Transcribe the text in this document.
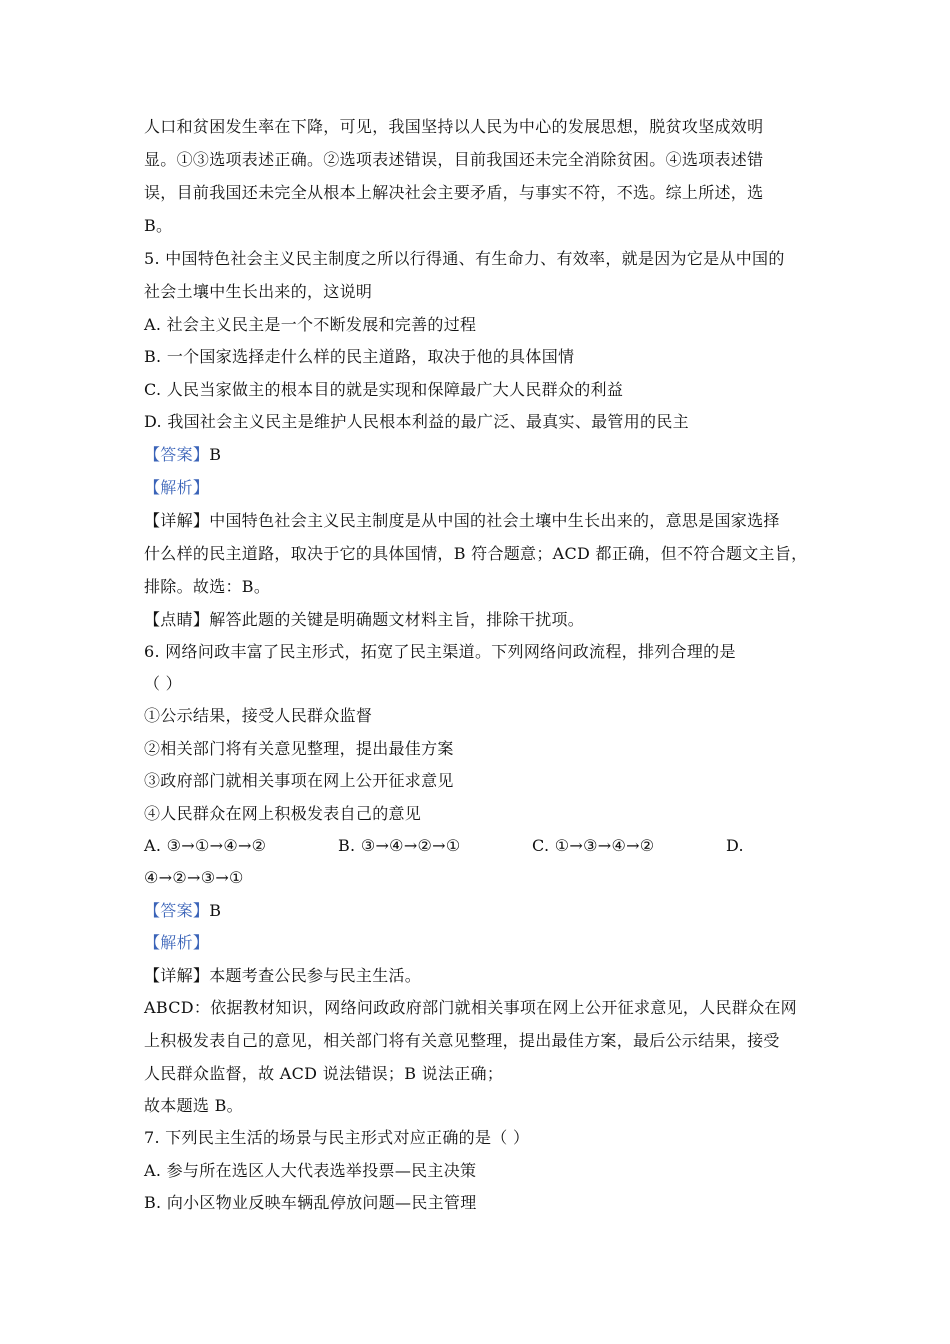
人口和贫困发生率在下降，可见，我国坚持以人民为中心的发展思想，脱贫攻坚成效明
显。①③选项表述正确。②选项表述错误，目前我国还未完全消除贫困。④选项表述错
误，目前我国还未完全从根本上解决社会主要矛盾，与事实不符，不选。综上所述，选
B。
5. 中国特色社会主义民主制度之所以行得通、有生命力、有效率，就是因为它是从中国的
社会土壤中生长出来的，这说明
A. 社会主义民主是一个不断发展和完善的过程
B. 一个国家选择走什么样的民主道路，取决于他的具体国情
C. 人民当家做主的根本目的就是实现和保障最广大人民群众的利益
D. 我国社会主义民主是维护人民根本利益的最广泛、最真实、最管用的民主
【答案】B
【解析】
【详解】中国特色社会主义民主制度是从中国的社会土壤中生长出来的，意思是国家选择
什么样的民主道路，取决于它的具体国情，B 符合题意；ACD 都正确，但不符合题文主旨，
排除。故选：B。
【点睛】解答此题的关键是明确题文材料主旨，排除干扰项。
6. 网络问政丰富了民主形式，拓宽了民主渠道。下列网络问政流程，排列合理的是
（ ）
①公示结果，接受人民群众监督
②相关部门将有关意见整理，提出最佳方案
③政府部门就相关事项在网上公开征求意见
④人民群众在网上积极发表自己的意见
A. ③→①→④→②	B. ③→④→②→①	C. ①→③→④→②	D.
④→②→③→①
【答案】B
【解析】
【详解】本题考查公民参与民主生活。
ABCD：依据教材知识，网络问政政府部门就相关事项在网上公开征求意见，人民群众在网
上积极发表自己的意见，相关部门将有关意见整理，提出最佳方案，最后公示结果，接受
人民群众监督，故 ACD 说法错误；B 说法正确；
故本题选 B。
7. 下列民主生活的场景与民主形式对应正确的是（ ）
A. 参与所在选区人大代表选举投票—民主决策
B. 向小区物业反映车辆乱停放问题—民主管理
